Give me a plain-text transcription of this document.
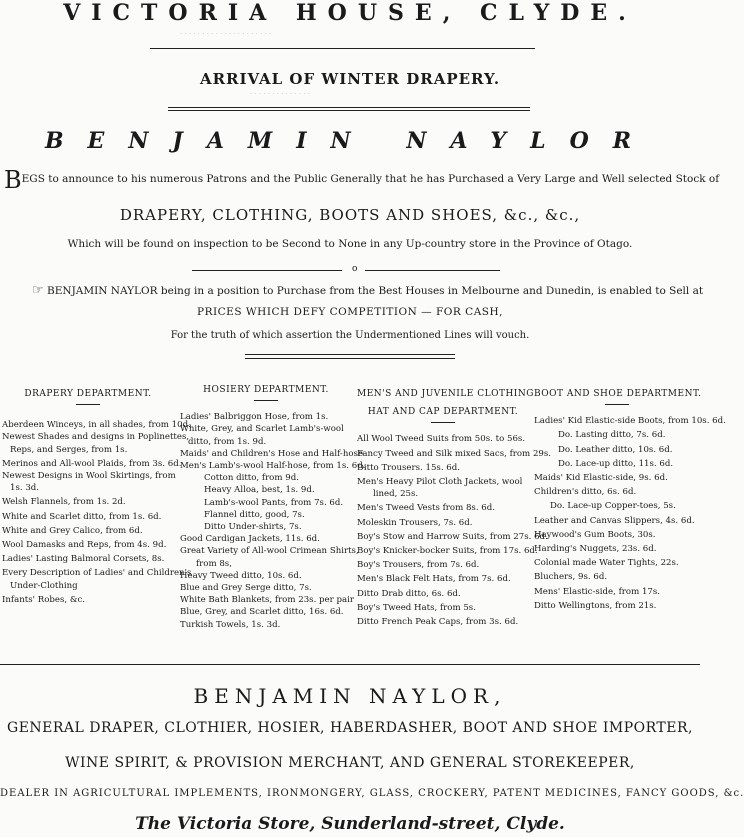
· · · · · · · · · · · · · · · · · · · · ·
· · · · · · · · · · · · · ·
VICTORIA HOUSE, CLYDE.
ARRIVAL OF WINTER DRAPERY.
BENJAMIN NAYLOR
BEGS to announce to his numerous Patrons and the Public Generally that he has Purchased a Very Large and Well selected Stock of
DRAPERY, CLOTHING, BOOTS AND SHOES, &c., &c.,
Which will be found on inspection to be Second to None in any Up-country store in the Province of Otago.
o
☞ BENJAMIN NAYLOR being in a position to Purchase from the Best Houses in Melbourne and Dunedin, is enabled to Sell at
PRICES WHICH DEFY COMPETITION — FOR CASH,
For the truth of which assertion the Undermentioned Lines will vouch.
DRAPERY DEPARTMENT.
Aberdeen Winceys, in all shades, from 10d.
Newest Shades and designs in Poplinettes,
Reps, and Serges, from 1s.
Merinos and All-wool Plaids, from 3s. 6d.
Newest Designs in Wool Skirtings, from
1s. 3d.
Welsh Flannels, from 1s. 2d.
White and Scarlet ditto, from 1s. 6d.
White and Grey Calico, from 6d.
Wool Damasks and Reps, from 4s. 9d.
Ladies' Lasting Balmoral Corsets, 8s.
Every Description of Ladies' and Children's
Under-Clothing
Infants' Robes, &c.
HOSIERY DEPARTMENT.
Ladies' Balbriggon Hose, from 1s.
White, Grey, and Scarlet Lamb's-wool
ditto, from 1s. 9d.
Maids' and Children's Hose and Half-hose
Men's Lamb's-wool Half-hose, from 1s. 6d.
Cotton ditto, from 9d.
Heavy Alloa, best, 1s. 9d.
Lamb's-wool Pants, from 7s. 6d.
Flannel ditto, good, 7s.
Ditto Under-shirts, 7s.
Good Cardigan Jackets, 11s. 6d.
Great Variety of All-wool Crimean Shirts,
from 8s,
Heavy Tweed ditto, 10s. 6d.
Blue and Grey Serge ditto, 7s.
White Bath Blankets, from 23s. per pair
Blue, Grey, and Scarlet ditto, 16s. 6d.
Turkish Towels, 1s. 3d.
MEN'S AND JUVENILE CLOTHING
HAT AND CAP DEPARTMENT.
All Wool Tweed Suits from 50s. to 56s.
Fancy Tweed and Silk mixed Sacs, from 29s.
Ditto Trousers. 15s. 6d.
Men's Heavy Pilot Cloth Jackets, wool
lined, 25s.
Men's Tweed Vests from 8s. 6d.
Moleskin Trousers, 7s. 6d.
Boy's Stow and Harrow Suits, from 27s. 6d.
Boy's Knicker-bocker Suits, from 17s. 6d.
Boy's Trousers, from 7s. 6d.
Men's Black Felt Hats, from 7s. 6d.
Ditto Drab ditto, 6s. 6d.
Boy's Tweed Hats, from 5s.
Ditto French Peak Caps, from 3s. 6d.
BOOT AND SHOE DEPARTMENT.
Ladies' Kid Elastic-side Boots, from 10s. 6d.
Do. Lasting ditto, 7s. 6d.
Do. Leather ditto, 10s. 6d.
Do. Lace-up ditto, 11s. 6d.
Maids' Kid Elastic-side, 9s. 6d.
Children's ditto, 6s. 6d.
Do. Lace-up Copper-toes, 5s.
Leather and Canvas Slippers, 4s. 6d.
Haywood's Gum Boots, 30s.
Harding's Nuggets, 23s. 6d.
Colonial made Water Tights, 22s.
Bluchers, 9s. 6d.
Mens' Elastic-side, from 17s.
Ditto Wellingtons, from 21s.
BENJAMIN NAYLOR,
GENERAL DRAPER, CLOTHIER, HOSIER, HABERDASHER, BOOT AND SHOE IMPORTER,
WINE SPIRIT, & PROVISION MERCHANT, AND GENERAL STOREKEEPER,
DEALER IN AGRICULTURAL IMPLEMENTS, IRONMONGERY, GLASS, CROCKERY, PATENT MEDICINES, FANCY GOODS, &c.
The Victoria Store, Sunderland-street, Clyde.
